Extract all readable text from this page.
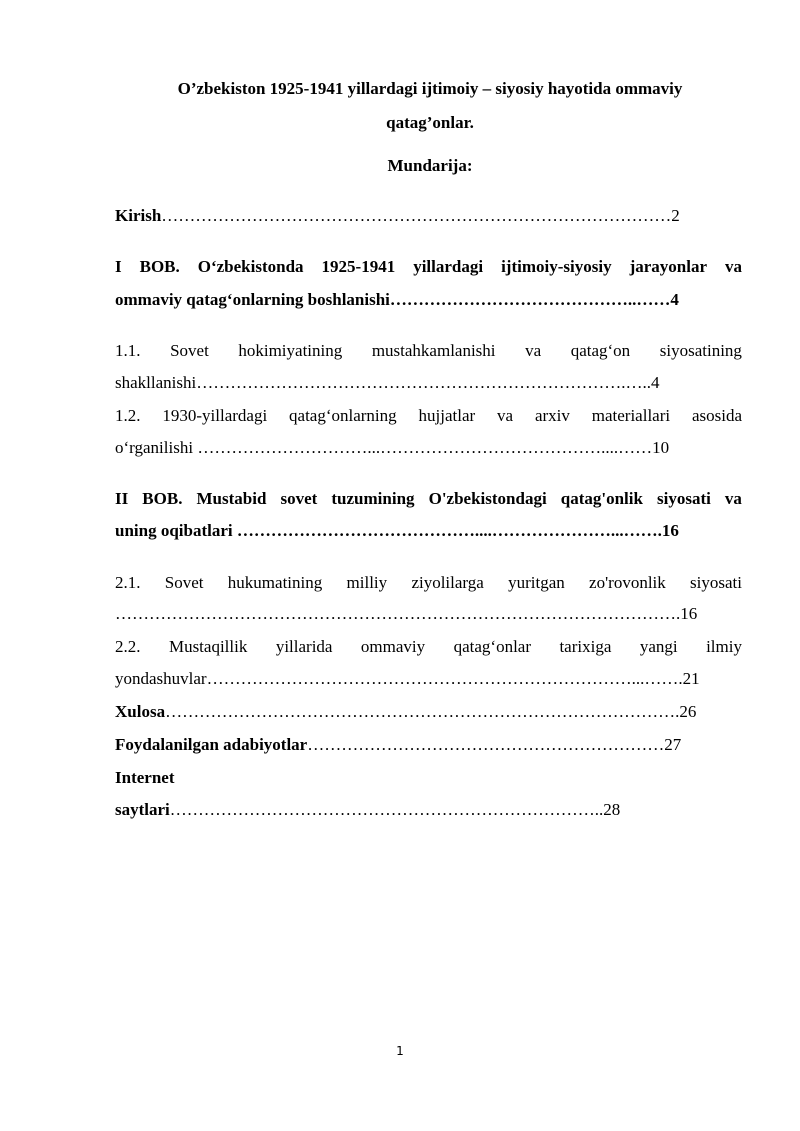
O’zbekiston 1925-1941 yillardagi ijtimoiy – siyosiy hayotida ommaviy
qatag’onlar.
Mundarija:
Kirish………………………………………………………………………………2
I BOB. O‘zbekistonda 1925-1941 yillardagi ijtimoiy-siyosiy jarayonlar va
ommaviy qatag‘onlarning boshlanishi……………………………………..……4
1.1. Sovet hokimiyatining mustahkamlanishi va qatag‘on siyosatining
shakllanishi………………………………………………………………….…..4
1.2. 1930-yillardagi qatag‘onlarning hujjatlar va arxiv materiallari asosida
o‘rganilishi …………………………...…………………………………....……10
II BOB. Mustabid sovet tuzumining O'zbekistondagi qatag'onlik siyosati va
uning oqibatlari ……………………………………....…………………...…….16
2.1. Sovet hukumatining milliy ziyolilarga yuritgan zo'rovonlik siyosati
……………………………………………………………………………………….16
2.2. Mustaqillik yillarida ommaviy qatag‘onlar tarixiga yangi ilmiy
yondashuvlar…………………………………………………………………...…….21
Xulosa……………………………………………………………………………….26
Foydalanilgan adabiyotlar………………………………………………………27
Internet
saytlari…………………………………………………………………..28
1
